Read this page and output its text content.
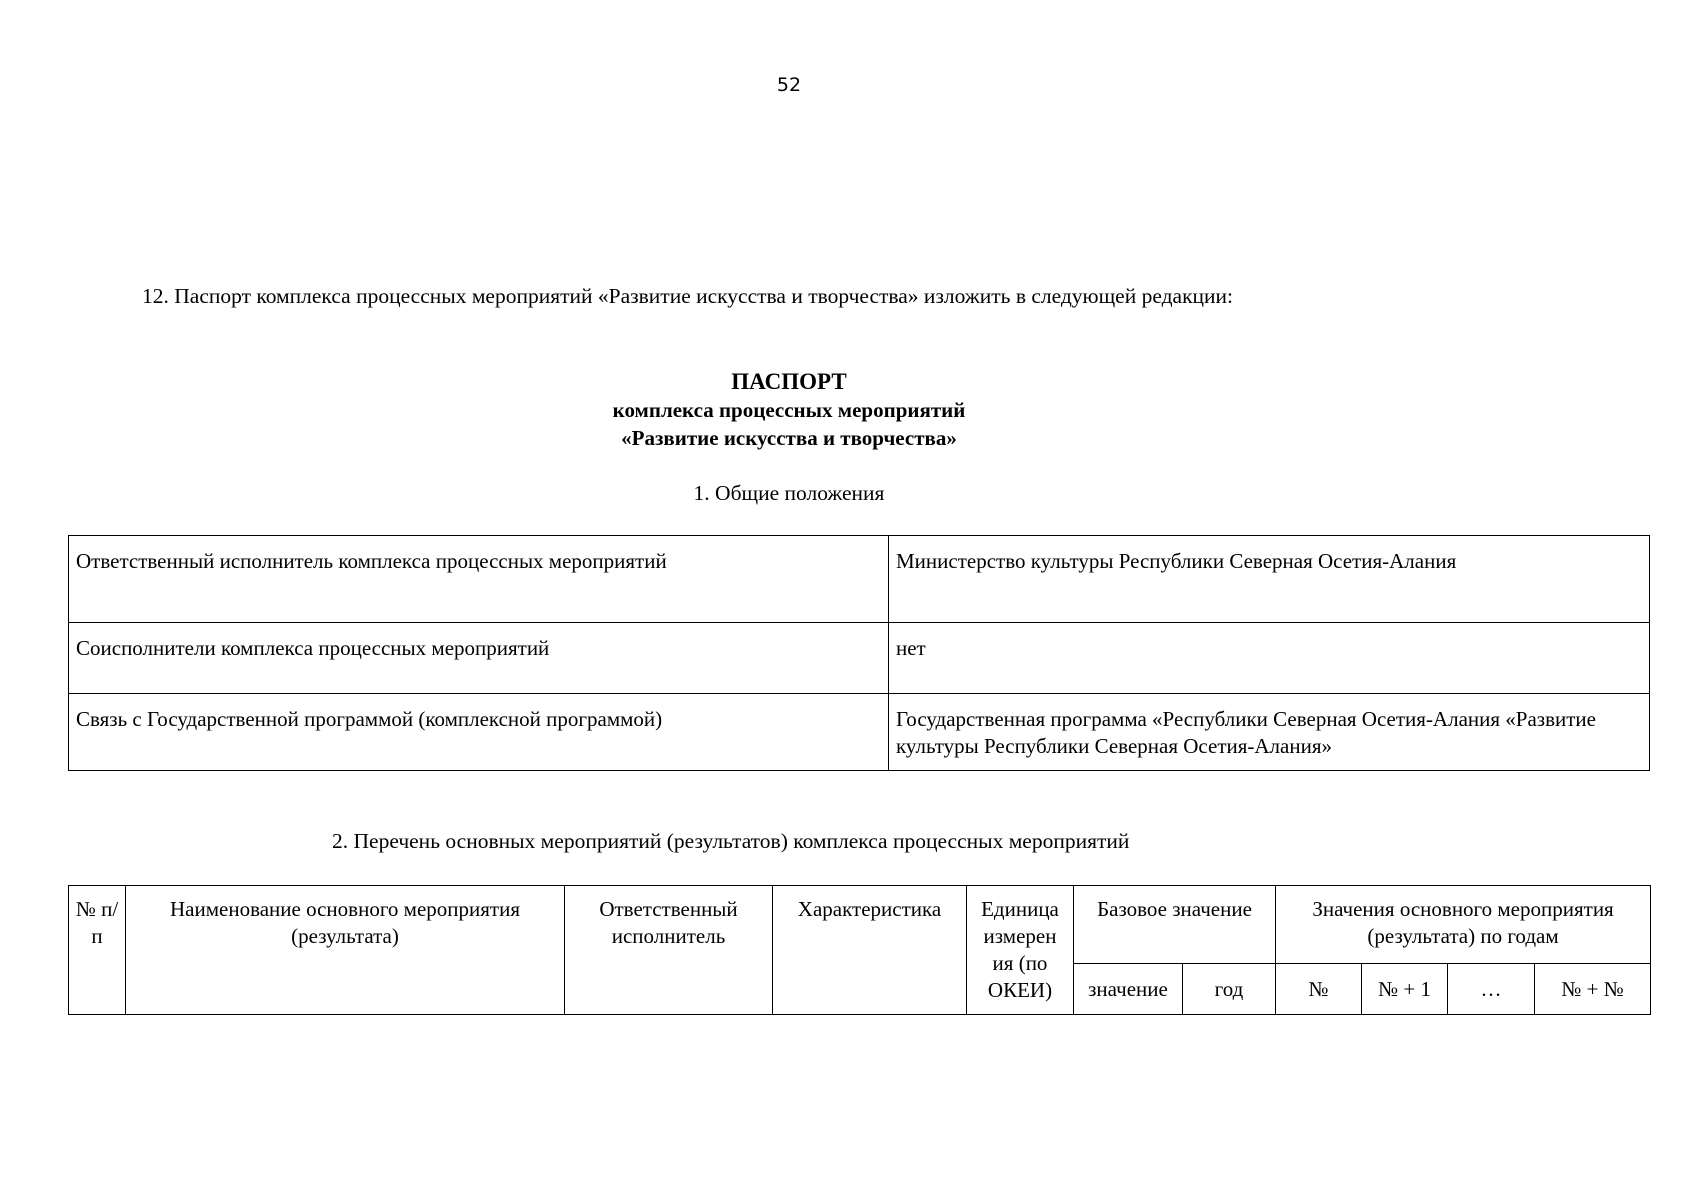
52
12. Паспорт комплекса процессных мероприятий «Развитие искусства и творчества» изложить в следующей редакции:
ПАСПОРТ
комплекса процессных мероприятий
«Развитие искусства и творчества»
1. Общие положения
Ответственный исполнитель комплекса процессных мероприятий	Министерство культуры Республики Северная Осетия-Алания
Соисполнители комплекса процессных мероприятий	нет
Связь с Государственной программой (комплексной программой)	Государственная программа «Республики Северная Осетия-Алания «Развитие культуры Республики Северная Осетия-Алания»
2. Перечень основных мероприятий (результатов) комплекса процессных мероприятий
№ п/п	Наименование основного мероприятия (результата)	Ответственный исполнитель	Характеристика	Единица измерен ия (по ОКЕИ)	Базовое значение		Значения основного мероприятия (результата) по годам			
					значение	год	№	№ + 1	…	№ + №
